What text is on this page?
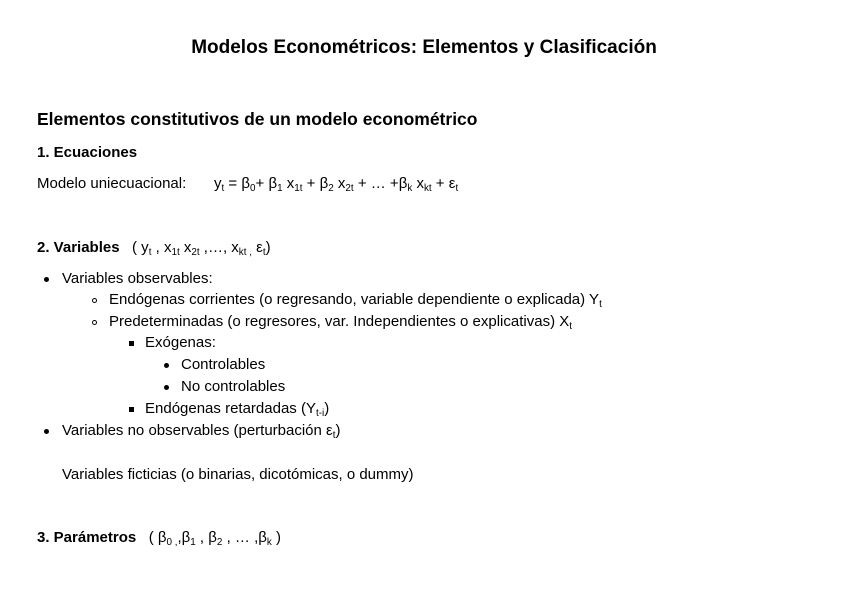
Modelos Econométricos: Elementos y Clasificación
Elementos constitutivos de un modelo econométrico
1. Ecuaciones
Modelo uniecuacional: $y_t = \beta_0+ \beta_1$ $x_{1t} + \beta_2$ $x_{2t}$ + … $+\beta_k$ $x_{kt} + \varepsilon_t$
2. Variables ( $y_t$ , $x_{1t}$ $x_{2t}$ ,…, $x_{kt ,}$ $\varepsilon_t$)
Variables observables:
Endógenas corrientes (o regresando, variable dependiente o explicada) $Y_t$
Predeterminadas (o regresores, var. Independientes o explicativas) $X_t$
Exógenas:
Controlables
No controlables
Endógenas retardadas $(Y_{t-i})$
Variables no observables (perturbación $\varepsilon_t$)
Variables ficticias (o binarias, dicotómicas, o dummy)
3. Parámetros ( $\beta_{0 ,},\beta_1$ , $\beta_2$ , … $,\beta_k$ )
